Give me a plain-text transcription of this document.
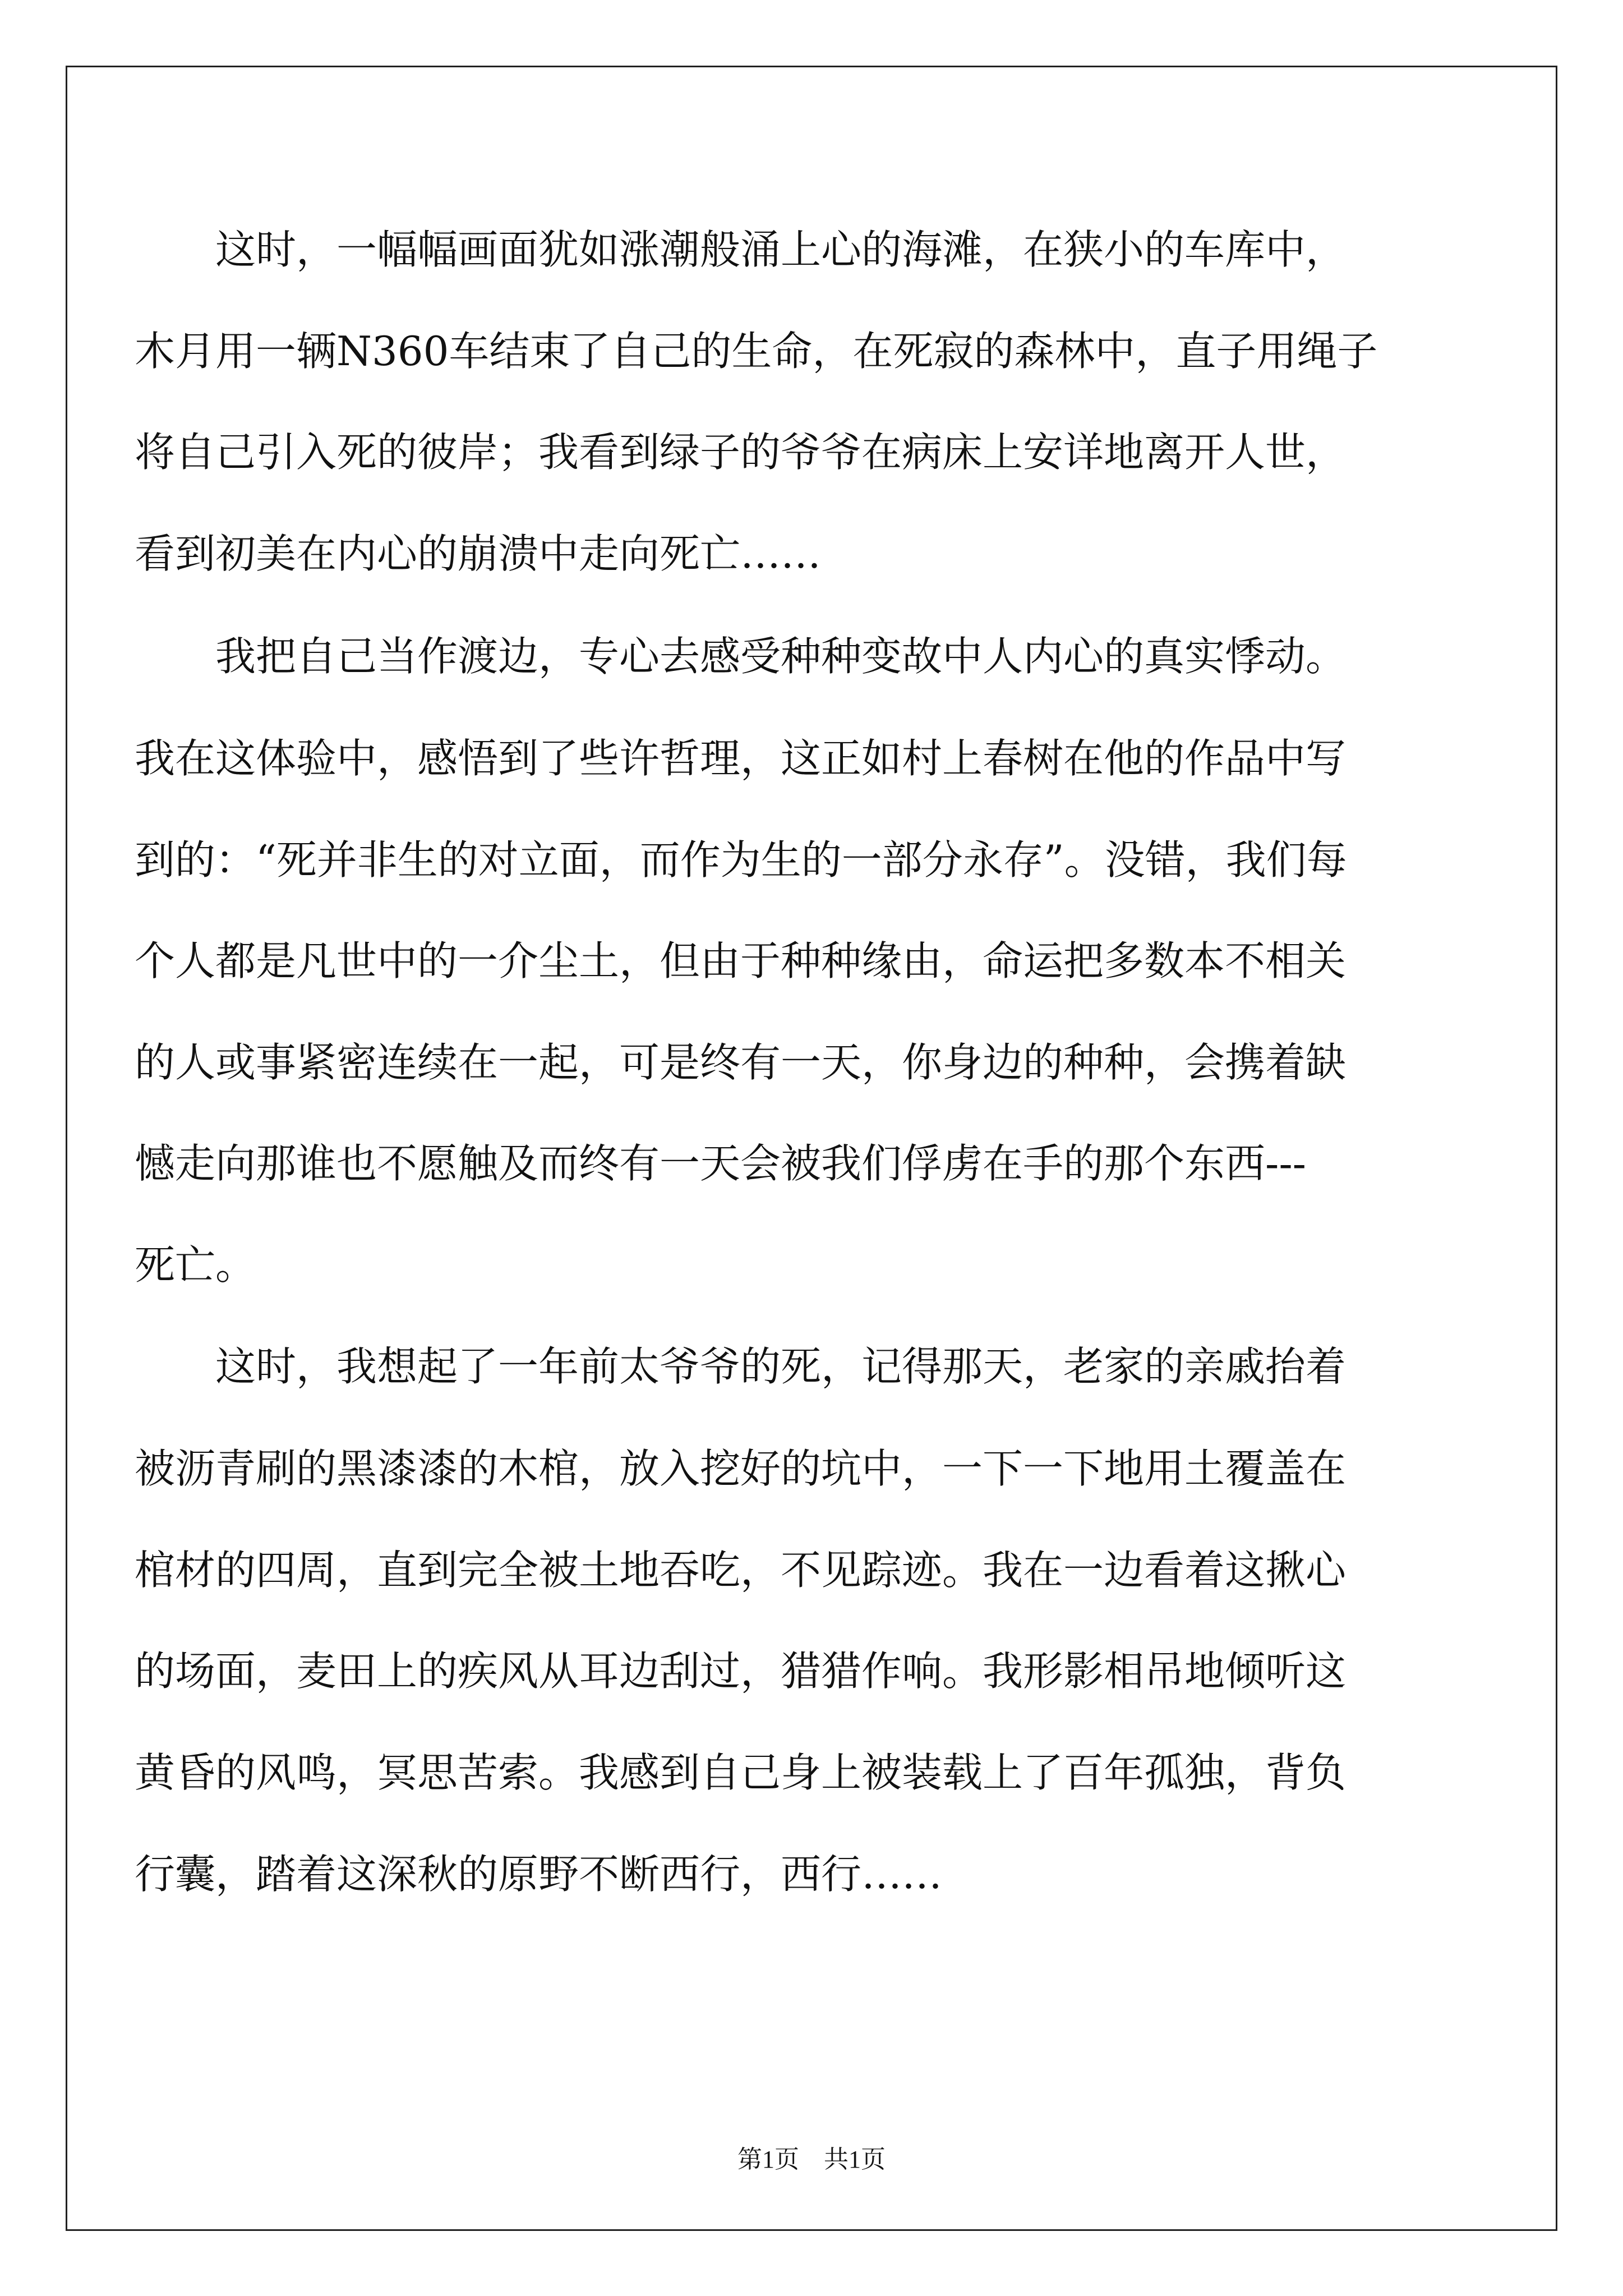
　　这时，一幅幅画面犹如涨潮般涌上心的海滩，在狭小的车库中，
木月用一辆N360车结束了自己的生命，在死寂的森林中，直子用绳子
将自己引入死的彼岸；我看到绿子的爷爷在病床上安详地离开人世，
看到初美在内心的崩溃中走向死亡……
　　我把自己当作渡边，专心去感受种种变故中人内心的真实悸动。
我在这体验中，感悟到了些许哲理，这正如村上春树在他的作品中写
到的：“死并非生的对立面，而作为生的一部分永存”。没错，我们每
个人都是凡世中的一介尘土，但由于种种缘由，命运把多数本不相关
的人或事紧密连续在一起，可是终有一天，你身边的种种，会携着缺
憾走向那谁也不愿触及而终有一天会被我们俘虏在手的那个东西---
死亡。
　　这时，我想起了一年前太爷爷的死，记得那天，老家的亲戚抬着
被沥青刷的黑漆漆的木棺，放入挖好的坑中，一下一下地用土覆盖在
棺材的四周，直到完全被土地吞吃，不见踪迹。我在一边看着这揪心
的场面，麦田上的疾风从耳边刮过，猎猎作响。我形影相吊地倾听这
黄昏的风鸣，冥思苦索。我感到自己身上被装载上了百年孤独，背负
行囊，踏着这深秋的原野不断西行，西行……
第1页　共1页
